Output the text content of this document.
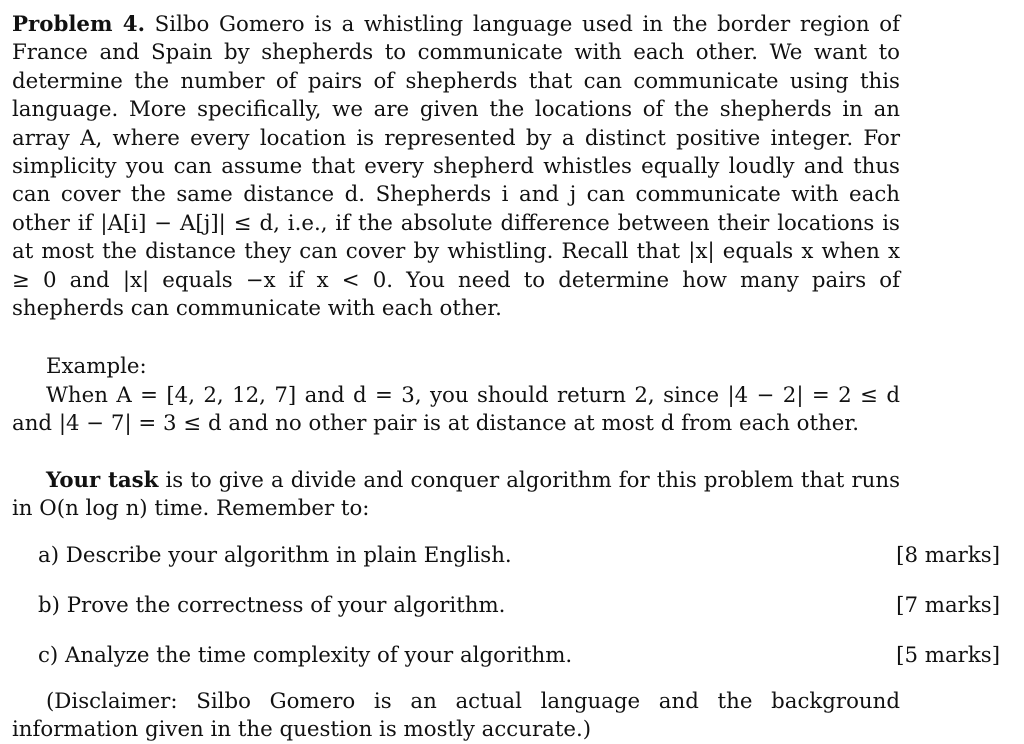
Problem 4. Silbo Gomero is a whistling language used in the border region of France and Spain by shepherds to communicate with each other. We want to determine the number of pairs of shepherds that can communicate using this language. More specifically, we are given the locations of the shepherds in an array A, where every location is represented by a distinct positive integer. For simplicity you can assume that every shepherd whistles equally loudly and thus can cover the same distance d. Shepherds i and j can communicate with each other if |A[i] − A[j]| ≤ d, i.e., if the absolute difference between their locations is at most the distance they can cover by whistling. Recall that |x| equals x when x ≥ 0 and |x| equals −x if x < 0. You need to determine how many pairs of shepherds can communicate with each other.

Example:

When A = [4, 2, 12, 7] and d = 3, you should return 2, since |4 − 2| = 2 ≤ d and |4 − 7| = 3 ≤ d and no other pair is at distance at most d from each other.

Your task is to give a divide and conquer algorithm for this problem that runs in O(n log n) time. Remember to:

a) Describe your algorithm in plain English.	[8 marks]
b) Prove the correctness of your algorithm.	[7 marks]
c) Analyze the time complexity of your algorithm.	[5 marks]

(Disclaimer: Silbo Gomero is an actual language and the background information given in the question is mostly accurate.)
